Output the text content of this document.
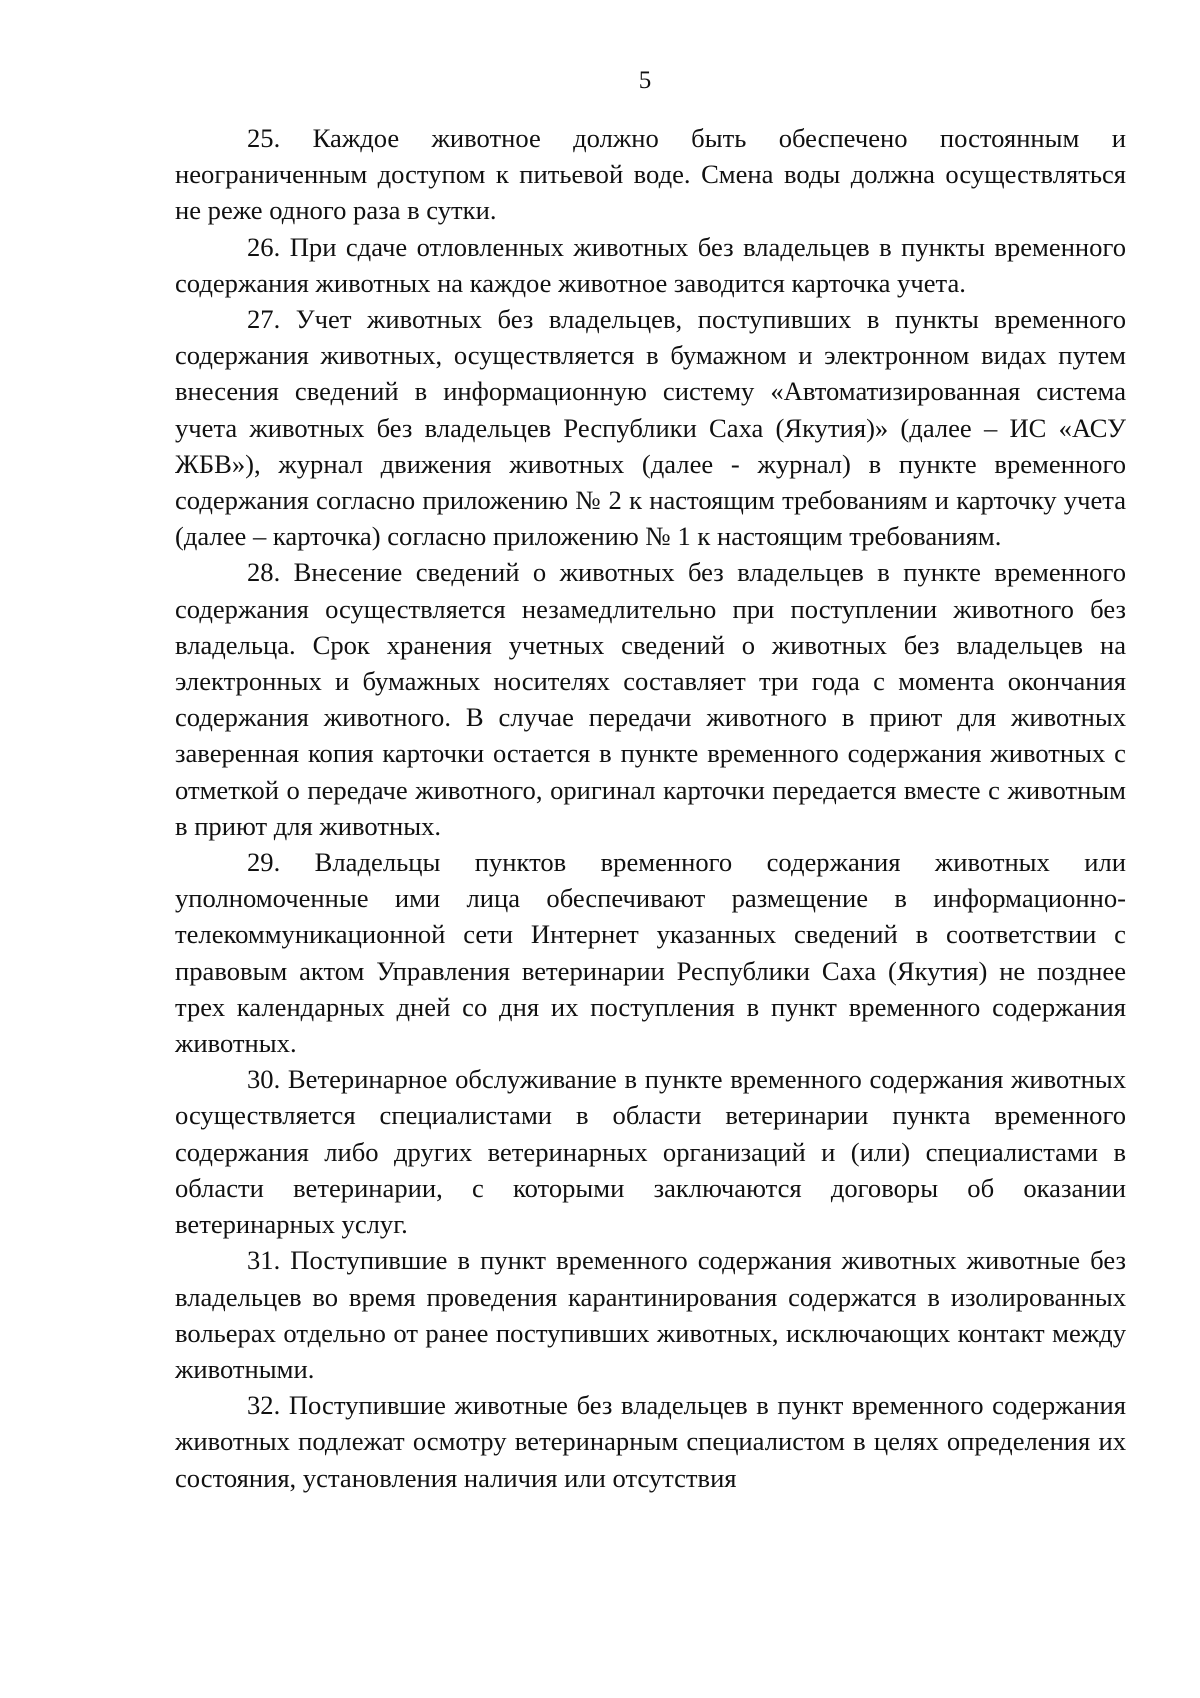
5

25. Каждое животное должно быть обеспечено постоянным и неограниченным доступом к питьевой воде. Смена воды должна осуществляться не реже одного раза в сутки.

26. При сдаче отловленных животных без владельцев в пункты временного содержания животных на каждое животное заводится карточка учета.

27. Учет животных без владельцев, поступивших в пункты временного содержания животных, осуществляется в бумажном и электронном видах путем внесения сведений в информационную систему «Автоматизированная система учета животных без владельцев Республики Саха (Якутия)» (далее – ИС «АСУ ЖБВ»), журнал движения животных (далее - журнал) в пункте временного содержания согласно приложению № 2 к настоящим требованиям и карточку учета (далее – карточка) согласно приложению № 1 к настоящим требованиям.

28. Внесение сведений о животных без владельцев в пункте временного содержания осуществляется незамедлительно при поступлении животного без владельца. Срок хранения учетных сведений о животных без владельцев на электронных и бумажных носителях составляет три года с момента окончания содержания животного. В случае передачи животного в приют для животных заверенная копия карточки остается в пункте временного содержания животных с отметкой о передаче животного, оригинал карточки передается вместе с животным в приют для животных.

29. Владельцы пунктов временного содержания животных или уполномоченные ими лица обеспечивают размещение в информационно-телекоммуникационной сети Интернет указанных сведений в соответствии с правовым актом Управления ветеринарии Республики Саха (Якутия) не позднее трех календарных дней со дня их поступления в пункт временного содержания животных.

30. Ветеринарное обслуживание в пункте временного содержания животных осуществляется специалистами в области ветеринарии пункта временного содержания либо других ветеринарных организаций и (или) специалистами в области ветеринарии, с которыми заключаются договоры об оказании ветеринарных услуг.

31. Поступившие в пункт временного содержания животных животные без владельцев во время проведения карантинирования содержатся в изолированных вольерах отдельно от ранее поступивших животных, исключающих контакт между животными.

32. Поступившие животные без владельцев в пункт временного содержания животных подлежат осмотру ветеринарным специалистом в целях определения их состояния, установления наличия или отсутствия
